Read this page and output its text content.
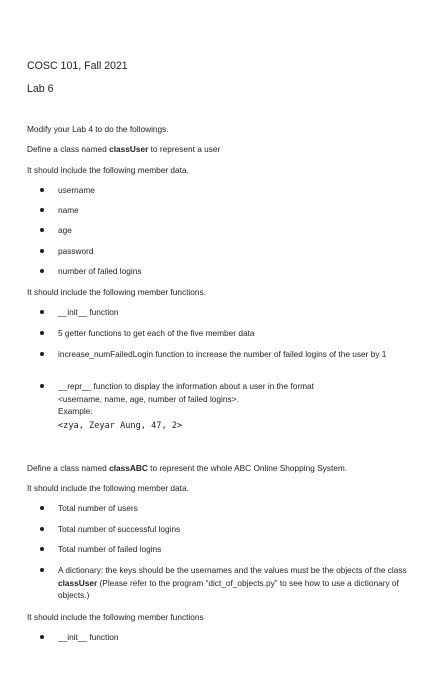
COSC 101, Fall 2021
Lab 6
Modify your Lab 4 to do the followings.
Define a class named classUser to represent a user
It should include the following member data.
username
name
age
password
number of failed logins
It should include the following member functions.
__init__ function
5 getter functions to get each of the five member data
increase_numFailedLogin function to increase the number of failed logins of the user by 1
__repr__ function to display the information about a user in the format
<username, name, age, number of failed logins>.
Example:
<zya, Zeyar Aung, 47, 2>
Define a class named classABC to represent the whole ABC Online Shopping System.
It should include the following member data.
Total number of users
Total number of successful logins
Total number of failed logins
A dictionary: the keys should be the usernames and the values must be the objects of the class classUser (Please refer to the program “dict_of_objects.py” to see how to use a dictionary of objects.)
It should include the following member functions
__init__ function
